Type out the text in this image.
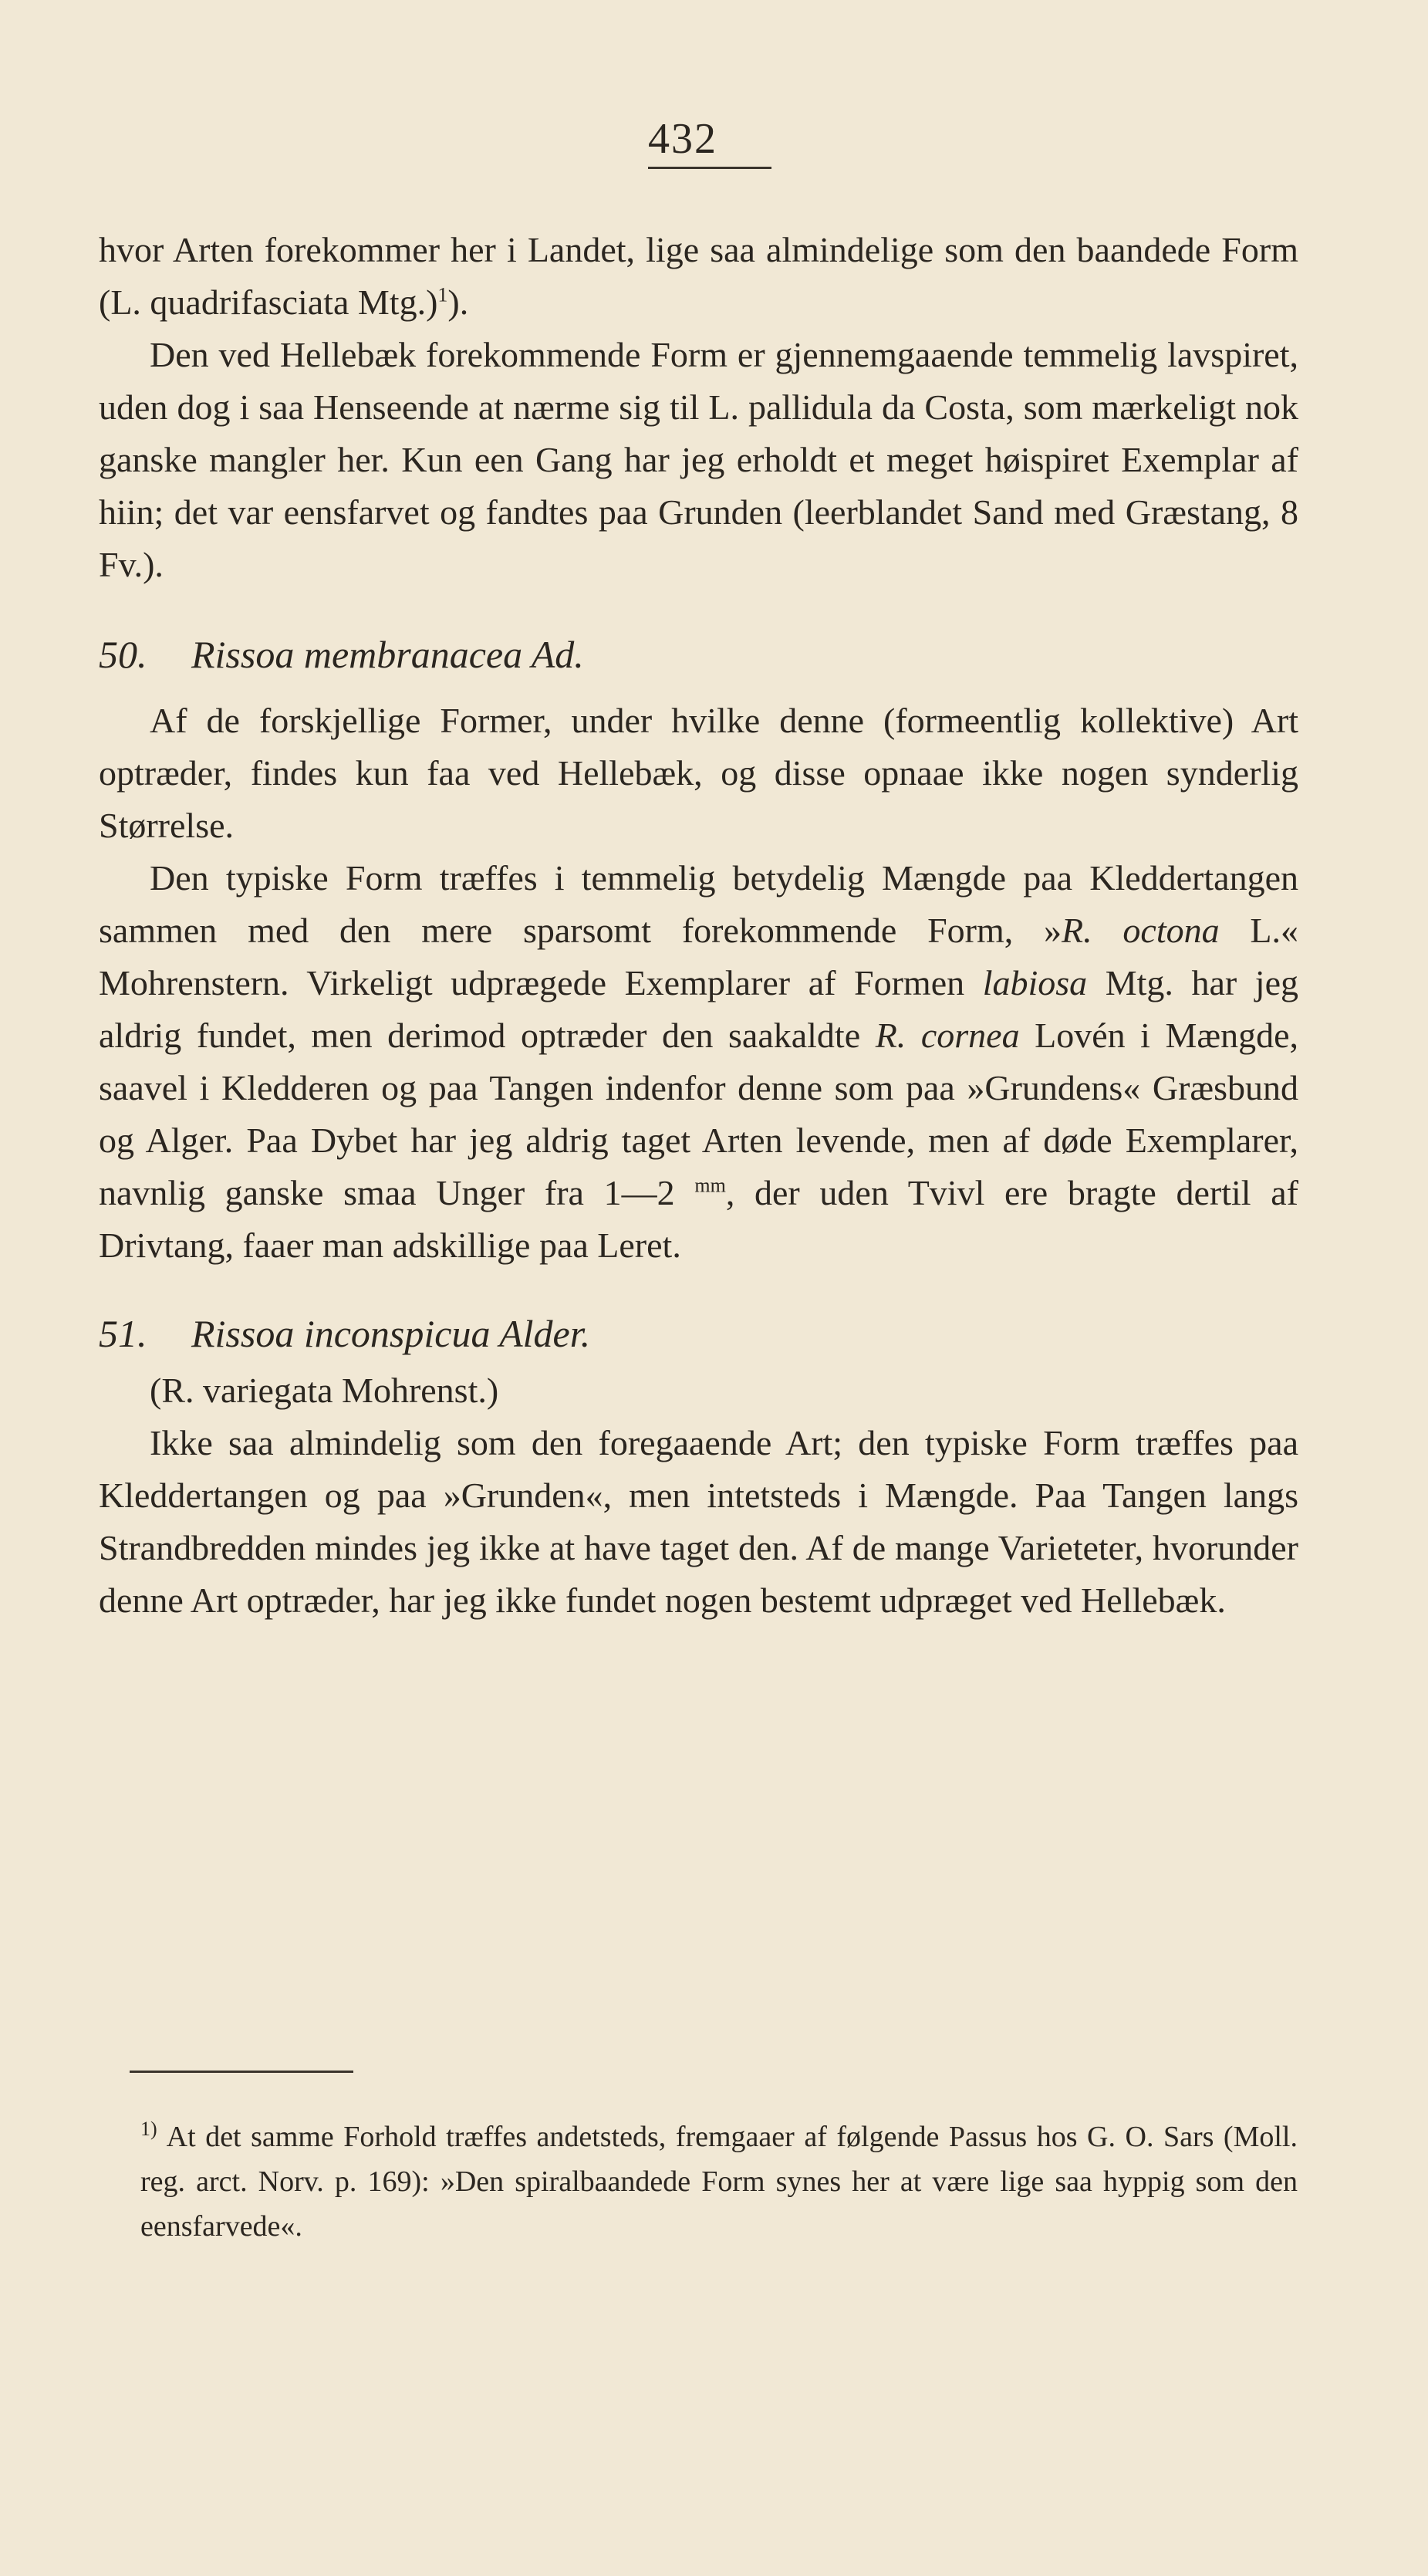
432

hvor Arten forekommer her i Landet, lige saa almindelige som den baandede Form (L. quadrifasciata Mtg.)$^1$).

Den ved Hellebæk forekommende Form er gjennemgaaende temmelig lavspiret, uden dog i saa Henseende at nærme sig til L. pallidula da Costa, som mærkeligt nok ganske mangler her. Kun een Gang har jeg erholdt et meget høispiret Exemplar af hiin; det var eensfarvet og fandtes paa Grunden (leerblandet Sand med Græstang, 8 Fv.).

50. Rissoa membranacea Ad.

Af de forskjellige Former, under hvilke denne (formeentlig kollektive) Art optræder, findes kun faa ved Hellebæk, og disse opnaae ikke nogen synderlig Størrelse.

Den typiske Form træffes i temmelig betydelig Mængde paa Kleddertangen sammen med den mere sparsomt forekommende Form, »R. octona L.« Mohrenstern. Virkeligt udprægede Exemplarer af Formen labiosa Mtg. har jeg aldrig fundet, men derimod optræder den saakaldte R. cornea Lovén i Mængde, saavel i Kledderen og paa Tangen indenfor denne som paa »Grundens« Græsbund og Alger. Paa Dybet har jeg aldrig taget Arten levende, men af døde Exemplarer, navnlig ganske smaa Unger fra 1—2 $^{mm}$, der uden Tvivl ere bragte dertil af Drivtang, faaer man adskillige paa Leret.

51. Rissoa inconspicua Alder.

(R. variegata Mohrenst.)

Ikke saa almindelig som den foregaaende Art; den typiske Form træffes paa Kleddertangen og paa »Grunden«, men intetsteds i Mængde. Paa Tangen langs Strandbredden mindes jeg ikke at have taget den. Af de mange Varieteter, hvorunder denne Art optræder, har jeg ikke fundet nogen bestemt udpræget ved Hellebæk.

$^{1)}$ At det samme Forhold træffes andetsteds, fremgaaer af følgende Passus hos G. O. Sars (Moll. reg. arct. Norv. p. 169): »Den spiralbaandede Form synes her at være lige saa hyppig som den eensfarvede«.
